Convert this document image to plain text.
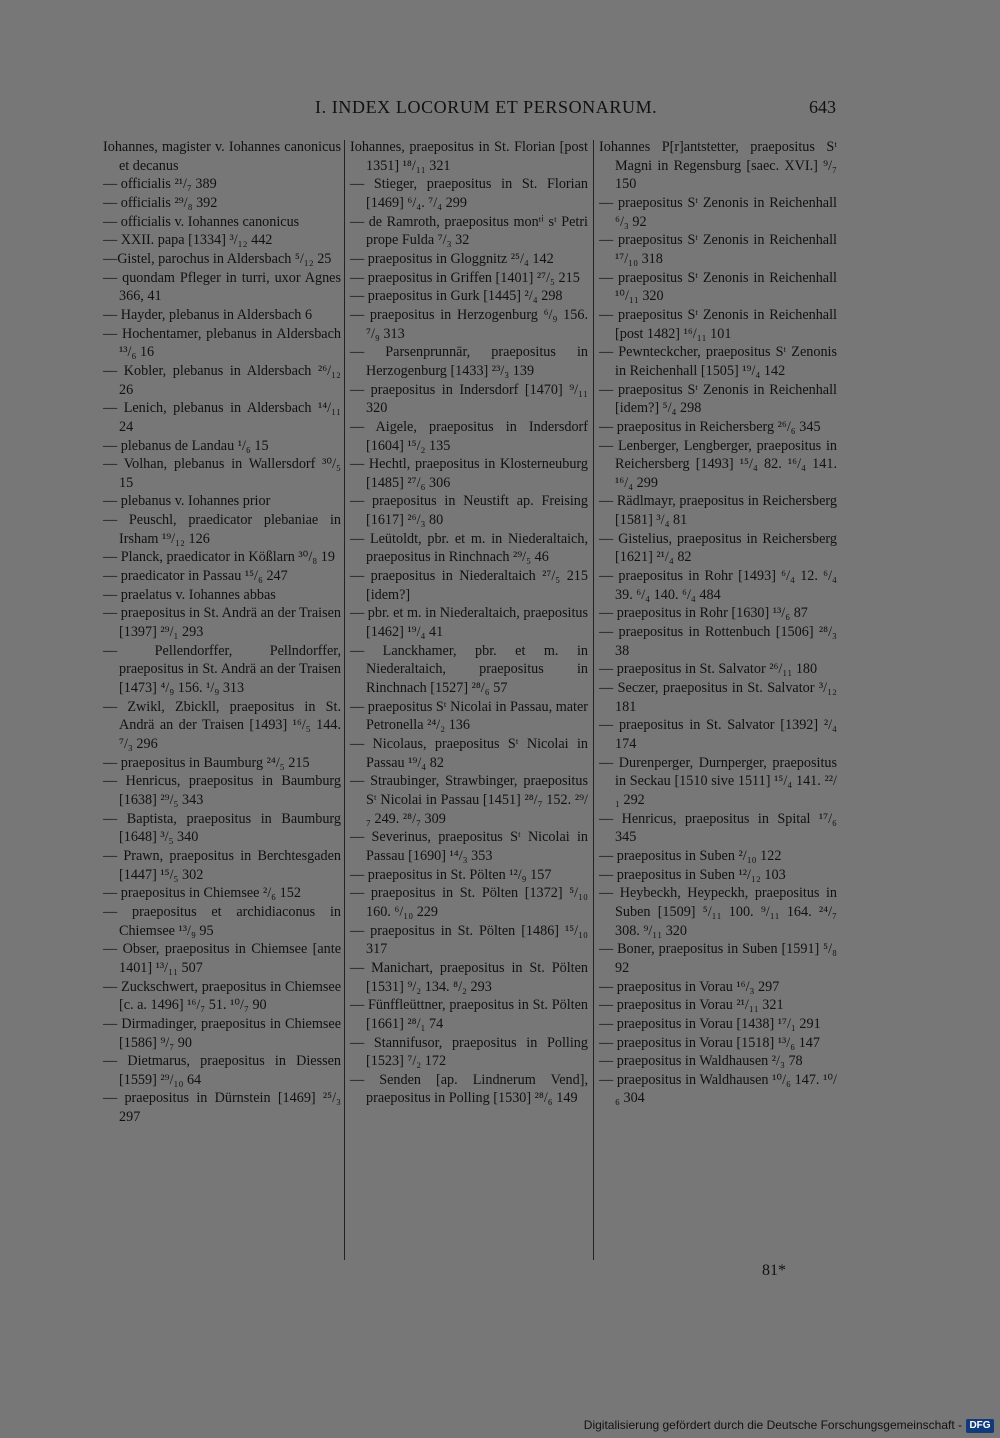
I. INDEX LOCORUM ET PERSONARUM.	643

Iohannes, magister v. Iohannes canonicus et decanus

— officialis ²¹/₇ 389

— officialis ²⁹/₈ 392

— officialis v. Iohannes canonicus

— XXII. papa [1334] ³/₁₂ 442

—Gistel, parochus in Aldersbach ⁵/₁₂ 25

— quondam Pfleger in turri, uxor Agnes 366, 41

— Hayder, plebanus in Aldersbach 6

— Hochentamer, plebanus in Aldersbach ¹³/₆ 16

— Kobler, plebanus in Aldersbach ²⁶/₁₂ 26

— Lenich, plebanus in Aldersbach ¹⁴/₁₁ 24

— plebanus de Landau ¹/₆ 15

— Volhan, plebanus in Wallersdorf ³⁰/₅ 15

— plebanus v. Iohannes prior

— Peuschl, praedicator plebaniae in Irsham ¹⁹/₁₂ 126

— Planck, praedicator in Kößlarn ³⁰/₈ 19

— praedicator in Passau ¹⁵/₆ 247

— praelatus v. Iohannes abbas

— praepositus in St. Andrä an der Traisen [1397] ²⁹/₁ 293

— Pellendorffer, Pellndorffer, praepositus in St. Andrä an der Traisen [1473] ⁴/₉ 156. ¹/₉ 313

— Zwikl, Zbickll, praepositus in St. Andrä an der Traisen [1493] ¹⁶/₅ 144. ⁷/₃ 296

— praepositus in Baumburg ²⁴/₅ 215

— Henricus, praepositus in Baumburg [1638] ²⁹/₅ 343

— Baptista, praepositus in Baumburg [1648] ³/₅ 340

— Prawn, praepositus in Berchtesgaden [1447] ¹⁵/₅ 302

— praepositus in Chiemsee ²/₆ 152

— praepositus et archidiaconus in Chiemsee ¹³/₉ 95

— Obser, praepositus in Chiemsee [ante 1401] ¹³/₁₁ 507

— Zuckschwert, praepositus in Chiemsee [c. a. 1496] ¹⁶/₇ 51. ¹⁰/₇ 90

— Dirmadinger, praepositus in Chiemsee [1586] ⁹/₇ 90

— Dietmarus, praepositus in Diessen [1559] ²⁹/₁₀ 64

— praepositus in Dürnstein [1469] ²⁵/₃ 297

Iohannes, praepositus in St. Florian [post 1351] ¹⁸/₁₁ 321

— Stieger, praepositus in St. Florian [1469] ⁶/₄. ⁷/₄ 299

— de Ramroth, praepositus monᵗⁱ sᵗ Petri prope Fulda ⁷/₃ 32

— praepositus in Gloggnitz ²⁵/₄ 142

— praepositus in Griffen [1401] ²⁷/₅ 215

— praepositus in Gurk [1445] ²/₄ 298

— praepositus in Herzogenburg ⁶/₉ 156. ⁷/₉ 313

— Parsenprunnār, praepositus in Herzogenburg [1433] ²³/₃ 139

— praepositus in Indersdorf [1470] ⁹/₁₁ 320

— Aigele, praepositus in Indersdorf [1604] ¹⁵/₂ 135

— Hechtl, praepositus in Klosterneuburg [1485] ²⁷/₆ 306

— praepositus in Neustift ap. Freising [1617] ²⁶/₃ 80

— Leütoldt, pbr. et m. in Niederaltaich, praepositus in Rinchnach ²⁹/₅ 46

— praepositus in Niederaltaich ²⁷/₅ 215 [idem?]

— pbr. et m. in Niederaltaich, praepositus [1462] ¹⁹/₄ 41

— Lanckhamer, pbr. et m. in Niederaltaich, praepositus in Rinchnach [1527] ²⁸/₆ 57

— praepositus Sᵗ Nicolai in Passau, mater Petronella ²⁴/₂ 136

— Nicolaus, praepositus Sᵗ Nicolai in Passau ¹⁹/₄ 82

— Straubinger, Strawbinger, praepositus Sᵗ Nicolai in Passau [1451] ²⁸/₇ 152. ²⁹/₇ 249. ²⁸/₇ 309

— Severinus, praepositus Sᵗ Nicolai in Passau [1690] ¹⁴/₃ 353

— praepositus in St. Pölten ¹²/₉ 157

— praepositus in St. Pölten [1372] ⁵/₁₀ 160. ⁶/₁₀ 229

— praepositus in St. Pölten [1486] ¹⁵/₁₀ 317

— Manichart, praepositus in St. Pölten [1531] ⁹/₂ 134. ⁸/₂ 293

— Fünffleüttner, praepositus in St. Pölten [1661] ²⁸/₁ 74

— Stannifusor, praepositus in Polling [1523] ⁷/₂ 172

— Senden [ap. Lindnerum Vend], praepositus in Polling [1530] ²⁸/₆ 149

Iohannes P[r]antstetter, praepositus Sᵗ Magni in Regensburg [saec. XVI.] ⁹/₇ 150

— praepositus Sᵗ Zenonis in Reichenhall ⁶/₃ 92

— praepositus Sᵗ Zenonis in Reichenhall ¹⁷/₁₀ 318

— praepositus Sᵗ Zenonis in Reichenhall ¹⁰/₁₁ 320

— praepositus Sᵗ Zenonis in Reichenhall [post 1482] ¹⁶/₁₁ 101

— Pewnteckcher, praepositus Sᵗ Zenonis in Reichenhall [1505] ¹⁹/₄ 142

— praepositus Sᵗ Zenonis in Reichenhall [idem?] ⁵/₄ 298

— praepositus in Reichersberg ²⁶/₆ 345

— Lenberger, Lengberger, praepositus in Reichersberg [1493] ¹⁵/₄ 82. ¹⁶/₄ 141. ¹⁶/₄ 299

— Rädlmayr, praepositus in Reichersberg [1581] ³/₄ 81

— Gistelius, praepositus in Reichersberg [1621] ²¹/₄ 82

— praepositus in Rohr [1493] ⁶/₄ 12. ⁶/₄ 39. ⁶/₄ 140. ⁶/₄ 484

— praepositus in Rohr [1630] ¹³/₆ 87

— praepositus in Rottenbuch [1506] ²⁸/₃ 38

— praepositus in St. Salvator ²⁶/₁₁ 180

— Seczer, praepositus in St. Salvator ³/₁₂ 181

— praepositus in St. Salvator [1392] ²/₄ 174

— Durenperger, Durnperger, praepositus in Seckau [1510 sive 1511] ¹⁵/₄ 141. ²²/₁ 292

— Henricus, praepositus in Spital ¹⁷/₆ 345

— praepositus in Suben ²/₁₀ 122

— praepositus in Suben ¹²/₁₂ 103

— Heybeckh, Heypeckh, praepositus in Suben [1509] ⁵/₁₁ 100. ⁹/₁₁ 164. ²⁴/₇ 308. ⁹/₁₁ 320

— Boner, praepositus in Suben [1591] ⁵/₈ 92

— praepositus in Vorau ¹⁶/₃ 297

— praepositus in Vorau ²¹/₁₁ 321

— praepositus in Vorau [1438] ¹⁷/₁ 291

— praepositus in Vorau [1518] ¹³/₆ 147

— praepositus in Waldhausen ²/₃ 78

— praepositus in Waldhausen ¹⁰/₆ 147. ¹⁰/₆ 304

81*
Digitalisierung gefördert durch die Deutsche Forschungsgemeinschaft - DFG
